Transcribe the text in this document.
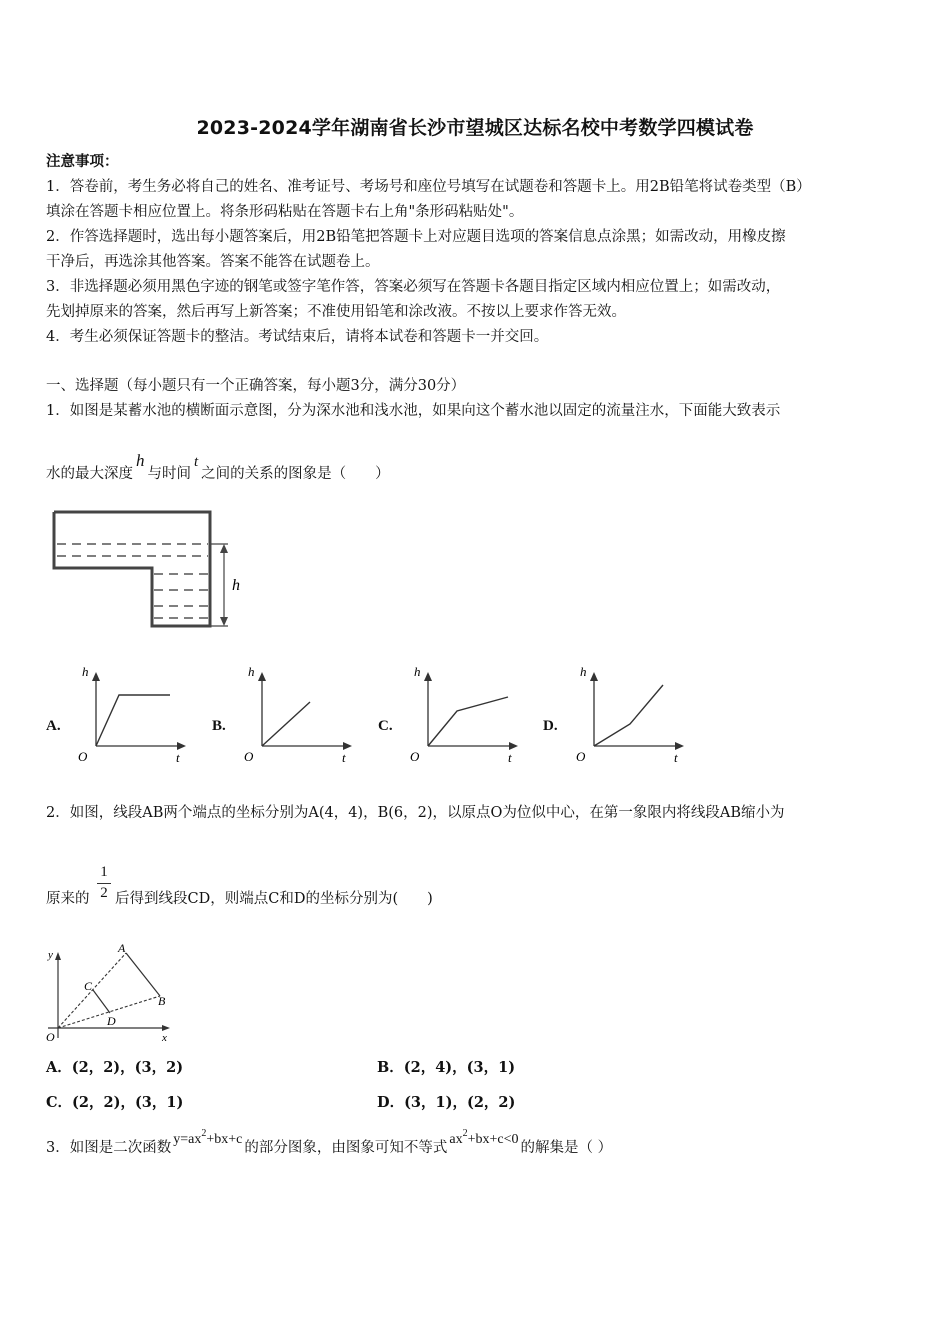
2023-2024学年湖南省长沙市望城区达标名校中考数学四模试卷
注意事项：
1．答卷前，考生务必将自己的姓名、准考证号、考场号和座位号填写在试题卷和答题卡上。用2B铅笔将试卷类型（B）
填涂在答题卡相应位置上。将条形码粘贴在答题卡右上角"条形码粘贴处"。
2．作答选择题时，选出每小题答案后，用2B铅笔把答题卡上对应题目选项的答案信息点涂黑；如需改动，用橡皮擦
干净后，再选涂其他答案。答案不能答在试题卷上。
3．非选择题必须用黑色字迹的钢笔或签字笔作答，答案必须写在答题卡各题目指定区域内相应位置上；如需改动，
先划掉原来的答案，然后再写上新答案；不准使用铅笔和涂改液。不按以上要求作答无效。
4．考生必须保证答题卡的整洁。考试结束后，请将本试卷和答题卡一并交回。
一、选择题（每小题只有一个正确答案，每小题3分，满分30分）
1．如图是某蓄水池的横断面示意图，分为深水池和浅水池，如果向这个蓄水池以固定的流量注水，下面能大致表示
水的最大深度h与时间t之间的关系的图象是（　　）
h
A.
h
O	t
B.
h
O	t
C.
h
O	t
D.
h
O	t
2．如图，线段AB两个端点的坐标分别为A(4，4)，B(6，2)，以原点O为位似中心，在第一象限内将线段AB缩小为
原来的
1
2 后得到线段CD，则端点C和D的坐标分别为(　　)
y
x
O
A
B
C
D
A．(2，2)，(3，2)	B．(2，4)，(3，1)
C．(2，2)，(3，1)	D．(3，1)，(2，2)
3．如图是二次函数$y=ax^2+bx+c$的部分图象，由图象可知不等式$ax^2+bx+c<0$的解集是（ ）
